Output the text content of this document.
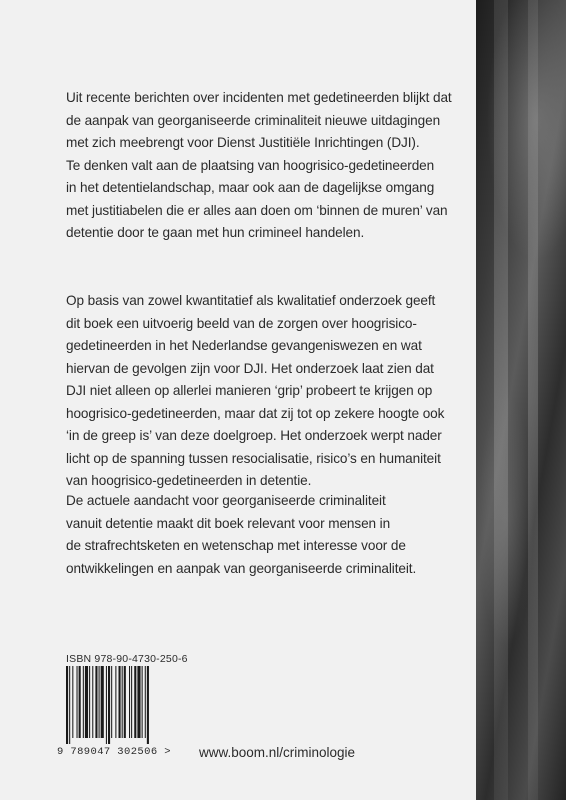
Uit recente berichten over incidenten met gedetineerden blijkt dat
de aanpak van georganiseerde criminaliteit nieuwe uitdagingen
met zich meebrengt voor Dienst Justitiële Inrichtingen (DJI).
Te denken valt aan de plaatsing van hoogrisico-gedetineerden
in het detentielandschap, maar ook aan de dagelijkse omgang
met justitiabelen die er alles aan doen om ‘binnen de muren’ van
detentie door te gaan met hun crimineel handelen.
Op basis van zowel kwantitatief als kwalitatief onderzoek geeft
dit boek een uitvoerig beeld van de zorgen over hoogrisico-
gedetineerden in het Nederlandse gevangeniswezen en wat
hiervan de gevolgen zijn voor DJI. Het onderzoek laat zien dat
DJI niet alleen op allerlei manieren ‘grip’ probeert te krijgen op
hoogrisico-gedetineerden, maar dat zij tot op zekere hoogte ook
‘in de greep is’ van deze doelgroep. Het onderzoek werpt nader
licht op de spanning tussen resocialisatie, risico’s en humaniteit
van hoogrisico-gedetineerden in detentie.
De actuele aandacht voor georganiseerde criminaliteit
vanuit detentie maakt dit boek relevant voor mensen in
de strafrechtsketen en wetenschap met interesse voor de
ontwikkelingen en aanpak van georganiseerde criminaliteit.
ISBN 978-90-4730-250-6
9 789047 302506 >	www.boom.nl/criminologie
